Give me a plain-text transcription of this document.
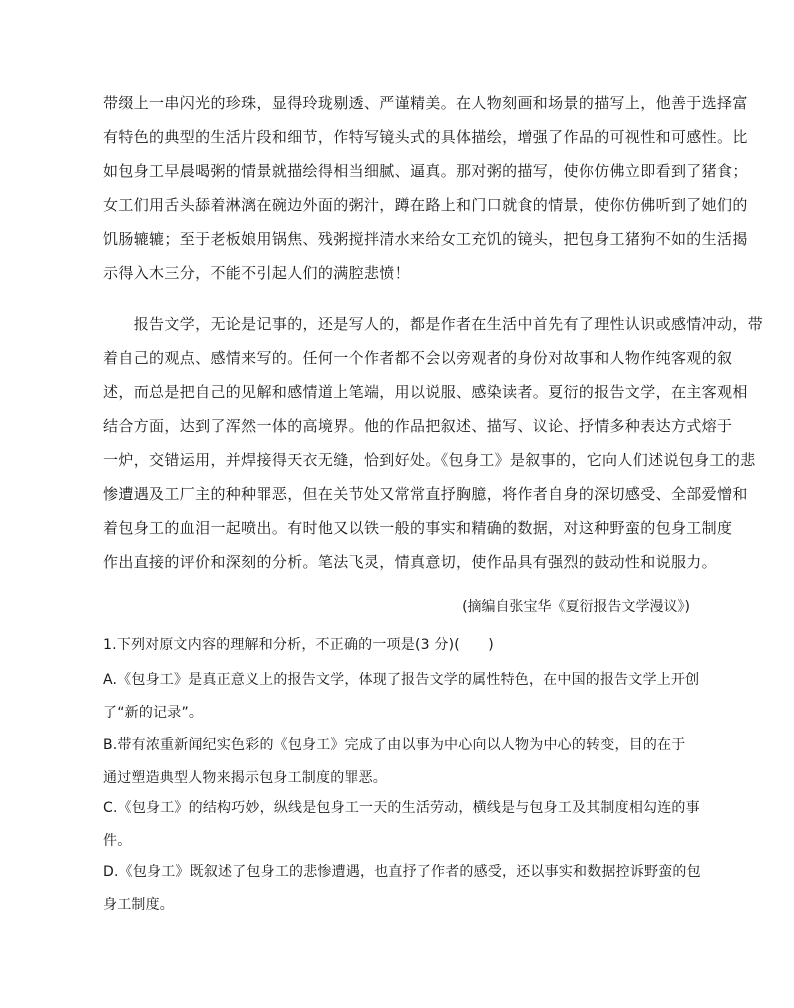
带缀上一串闪光的珍珠，显得玲珑剔透、严谨精美。在人物刻画和场景的描写上，他善于选择富
有特色的典型的生活片段和细节，作特写镜头式的具体描绘，增强了作品的可视性和可感性。比
如包身工早晨喝粥的情景就描绘得相当细腻、逼真。那对粥的描写，使你仿佛立即看到了猪食；
女工们用舌头舔着淋漓在碗边外面的粥汁，蹲在路上和门口就食的情景，使你仿佛听到了她们的
饥肠辘辘；至于老板娘用锅焦、残粥搅拌清水来给女工充饥的镜头，把包身工猪狗不如的生活揭
示得入木三分，不能不引起人们的满腔悲愤！
　　报告文学，无论是记事的，还是写人的，都是作者在生活中首先有了理性认识或感情冲动，带
着自己的观点、感情来写的。任何一个作者都不会以旁观者的身份对故事和人物作纯客观的叙
述，而总是把自己的见解和感情道上笔端，用以说服、感染读者。夏衍的报告文学，在主客观相
结合方面，达到了浑然一体的高境界。他的作品把叙述、描写、议论、抒情多种表达方式熔于
一炉，交错运用，并焊接得天衣无缝，恰到好处。《包身工》是叙事的，它向人们述说包身工的悲
惨遭遇及工厂主的种种罪恶，但在关节处又常常直抒胸臆，将作者自身的深切感受、全部爱憎和
着包身工的血泪一起喷出。有时他又以铁一般的事实和精确的数据，对这种野蛮的包身工制度
作出直接的评价和深刻的分析。笔法飞灵，情真意切，使作品具有强烈的鼓动性和说服力。
(摘编自张宝华《夏衍报告文学漫议》)
1.下列对原文内容的理解和分析，不正确的一项是(3 分)(　　)
A.《包身工》是真正意义上的报告文学，体现了报告文学的属性特色，在中国的报告文学上开创
了“新的记录”。
B.带有浓重新闻纪实色彩的《包身工》完成了由以事为中心向以人物为中心的转变，目的在于
通过塑造典型人物来揭示包身工制度的罪恶。
C.《包身工》的结构巧妙，纵线是包身工一天的生活劳动，横线是与包身工及其制度相勾连的事
件。
D.《包身工》既叙述了包身工的悲惨遭遇，也直抒了作者的感受，还以事实和数据控诉野蛮的包
身工制度。
